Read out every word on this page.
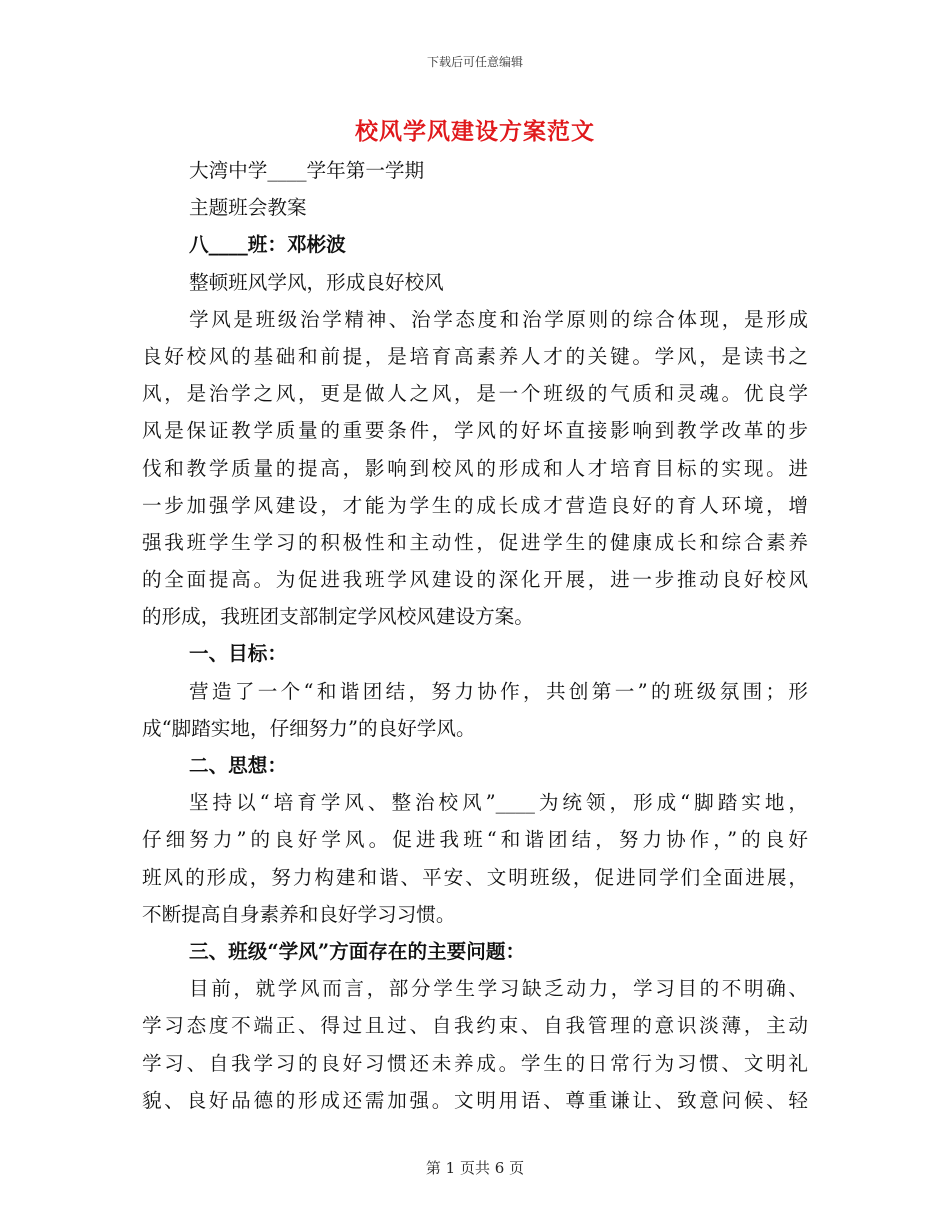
下载后可任意编辑
校风学风建设方案范文
大湾中学____学年第一学期
主题班会教案
八____班：邓彬波
整顿班风学风，形成良好校风
学风是班级治学精神、治学态度和治学原则的综合体现，是形成
良好校风的基础和前提，是培育高素养人才的关键。学风，是读书之
风，是治学之风，更是做人之风，是一个班级的气质和灵魂。优良学
风是保证教学质量的重要条件，学风的好坏直接影响到教学改革的步
伐和教学质量的提高，影响到校风的形成和人才培育目标的实现。进
一步加强学风建设，才能为学生的成长成才营造良好的育人环境，增
强我班学生学习的积极性和主动性，促进学生的健康成长和综合素养
的全面提高。为促进我班学风建设的深化开展，进一步推动良好校风
的形成，我班团支部制定学风校风建设方案。
一、目标：
营造了一个“和谐团结，努力协作，共创第一”的班级氛围；形
成“脚踏实地，仔细努力”的良好学风。
二、思想：
坚持以“培育学风、整治校风”____为统领，形成“脚踏实地，
仔细努力”的良好学风。促进我班“和谐团结，努力协作，”的良好
班风的形成，努力构建和谐、平安、文明班级，促进同学们全面进展，
不断提高自身素养和良好学习习惯。
三、班级“学风”方面存在的主要问题：
目前，就学风而言，部分学生学习缺乏动力，学习目的不明确、
学习态度不端正、得过且过、自我约束、自我管理的意识淡薄，主动
学习、自我学习的良好习惯还未养成。学生的日常行为习惯、文明礼
貌、良好品德的形成还需加强。文明用语、尊重谦让、致意问候、轻
第 1 页共 6 页
